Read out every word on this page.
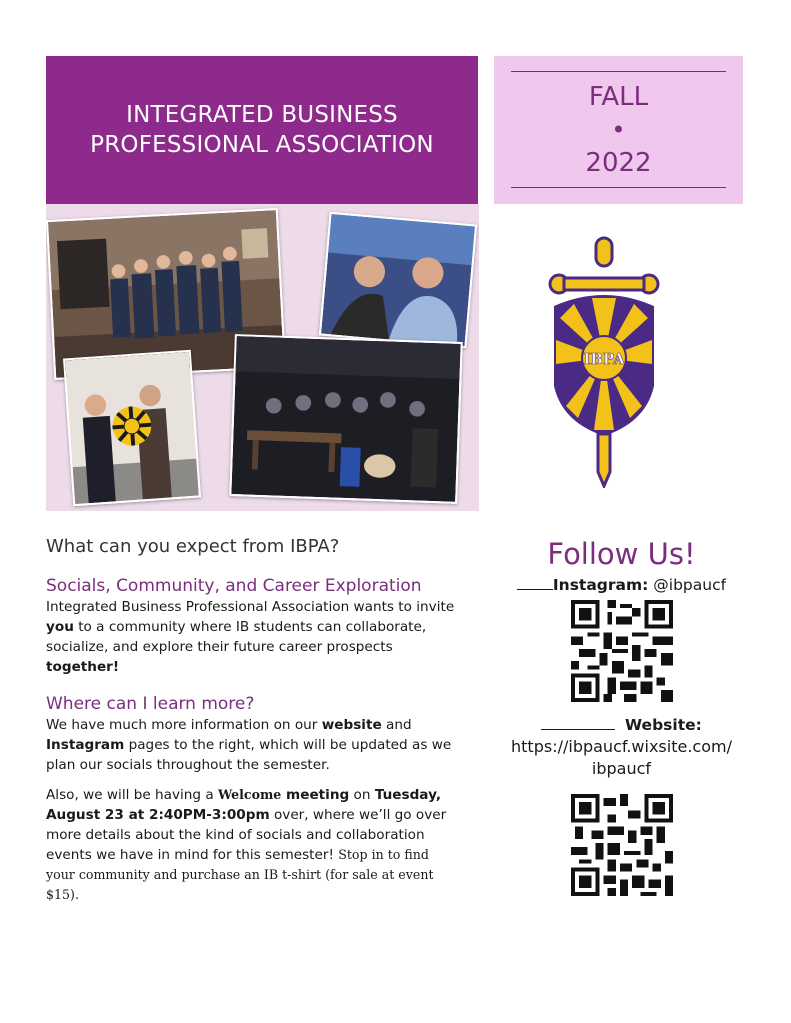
INTEGRATED BUSINESS
PROFESSIONAL ASSOCIATION
FALL
•
2022
IBPA
What can you expect from IBPA?
Socials, Community, and Career Exploration

Integrated Business Professional Association wants to invite you to a community where IB students can collaborate, socialize, and explore their future career prospects together!

Where can I learn more?

We have much more information on our website and Instagram pages to the right, which will be updated as we plan our socials throughout the semester.

Also, we will be having a Welcome meeting on Tuesday, August 23 at 2:40PM-3:00pm over, where we’ll go over more details about the kind of socials and collaboration events we have in mind for this semester! Stop in to find your community and purchase an IB t-shirt (for sale at event $15).

Follow Us!
Instagram: @ibpaucf
Website:
https://ibpaucf.wixsite.com/
ibpaucf
